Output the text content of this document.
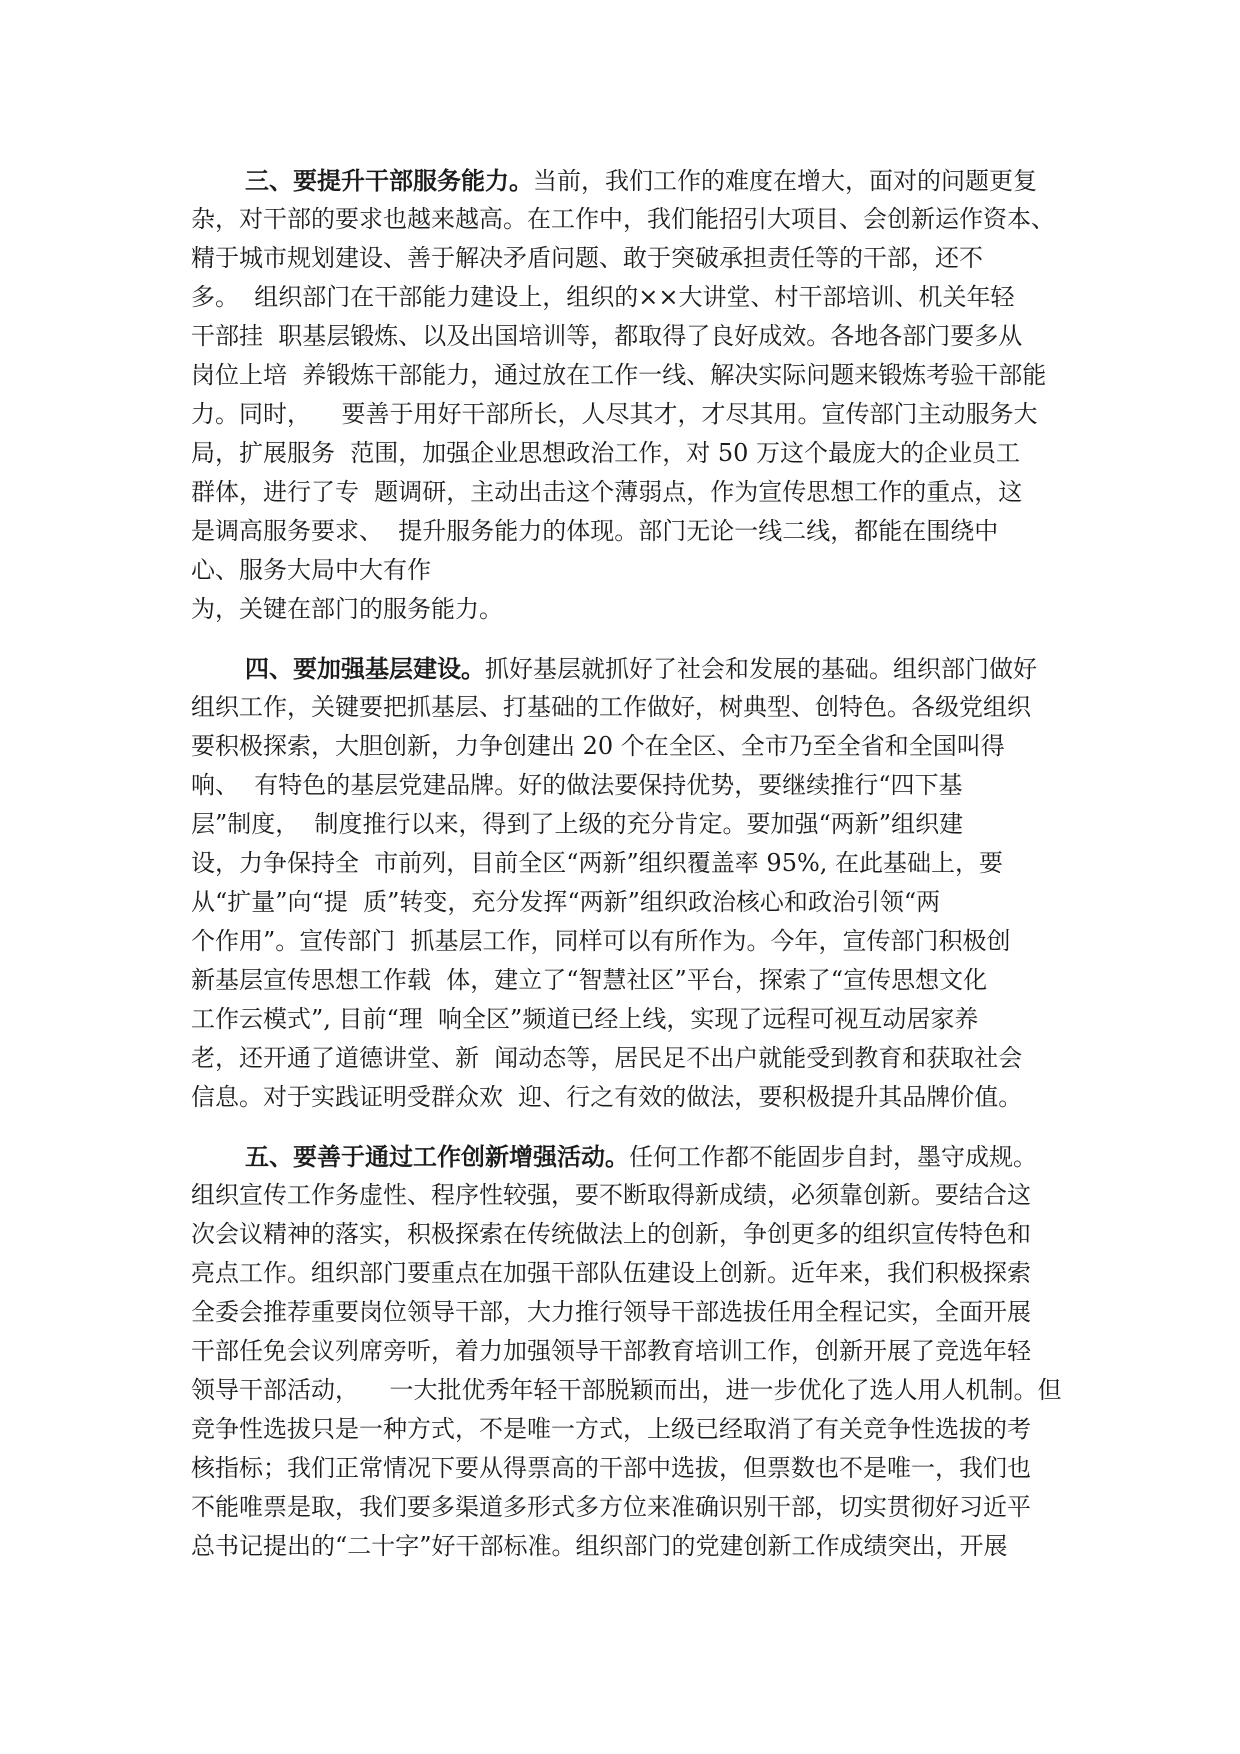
三、要提升干部服务能力。当前，我们工作的难度在增大，面对的问题更复
杂，对干部的要求也越来越高。在工作中，我们能招引大项目、会创新运作资本、
精于城市规划建设、善于解决矛盾问题、敢于突破承担责任等的干部，还不
多。  组织部门在干部能力建设上，组织的××大讲堂、村干部培训、机关年轻
干部挂  职基层锻炼、以及出国培训等，都取得了良好成效。各地各部门要多从
岗位上培  养锻炼干部能力，通过放在工作一线、解决实际问题来锻炼考验干部能
力。同时，    要善于用好干部所长，人尽其才，才尽其用。宣传部门主动服务大
局，扩展服务  范围，加强企业思想政治工作，对 50 万这个最庞大的企业员工
群体，进行了专  题调研，主动出击这个薄弱点，作为宣传思想工作的重点，这
是调高服务要求、  提升服务能力的体现。部门无论一线二线，都能在围绕中
心、服务大局中大有作
为，关键在部门的服务能力。
四、要加强基层建设。抓好基层就抓好了社会和发展的基础。组织部门做好
组织工作，关键要把抓基层、打基础的工作做好，树典型、创特色。各级党组织
要积极探索，大胆创新，力争创建出 20 个在全区、全市乃至全省和全国叫得
响、  有特色的基层党建品牌。好的做法要保持优势，要继续推行“四下基
层”制度，  制度推行以来，得到了上级的充分肯定。要加强“两新”组织建
设，力争保持全  市前列，目前全区“两新”组织覆盖率 95%, 在此基础上，要
从“扩量”向“提  质”转变，充分发挥“两新”组织政治核心和政治引领“两
个作用”。宣传部门  抓基层工作，同样可以有所作为。今年，宣传部门积极创
新基层宣传思想工作载  体，建立了“智慧社区”平台，探索了“宣传思想文化
工作云模式”, 目前“理  响全区”频道已经上线，实现了远程可视互动居家养
老，还开通了道德讲堂、新  闻动态等，居民足不出户就能受到教育和获取社会
信息。对于实践证明受群众欢  迎、行之有效的做法，要积极提升其品牌价值。
五、要善于通过工作创新增强活动。任何工作都不能固步自封，墨守成规。
组织宣传工作务虚性、程序性较强，要不断取得新成绩，必须靠创新。要结合这
次会议精神的落实，积极探索在传统做法上的创新，争创更多的组织宣传特色和
亮点工作。组织部门要重点在加强干部队伍建设上创新。近年来，我们积极探索
全委会推荐重要岗位领导干部，大力推行领导干部选拔任用全程记实，全面开展
干部任免会议列席旁听，着力加强领导干部教育培训工作，创新开展了竞选年轻
领导干部活动，    一大批优秀年轻干部脱颖而出，进一步优化了选人用人机制。但
竞争性选拔只是一种方式，不是唯一方式，上级已经取消了有关竞争性选拔的考
核指标；我们正常情况下要从得票高的干部中选拔，但票数也不是唯一，我们也
不能唯票是取，我们要多渠道多形式多方位来准确识别干部，切实贯彻好习近平
总书记提出的“二十字”好干部标准。组织部门的党建创新工作成绩突出，开展
